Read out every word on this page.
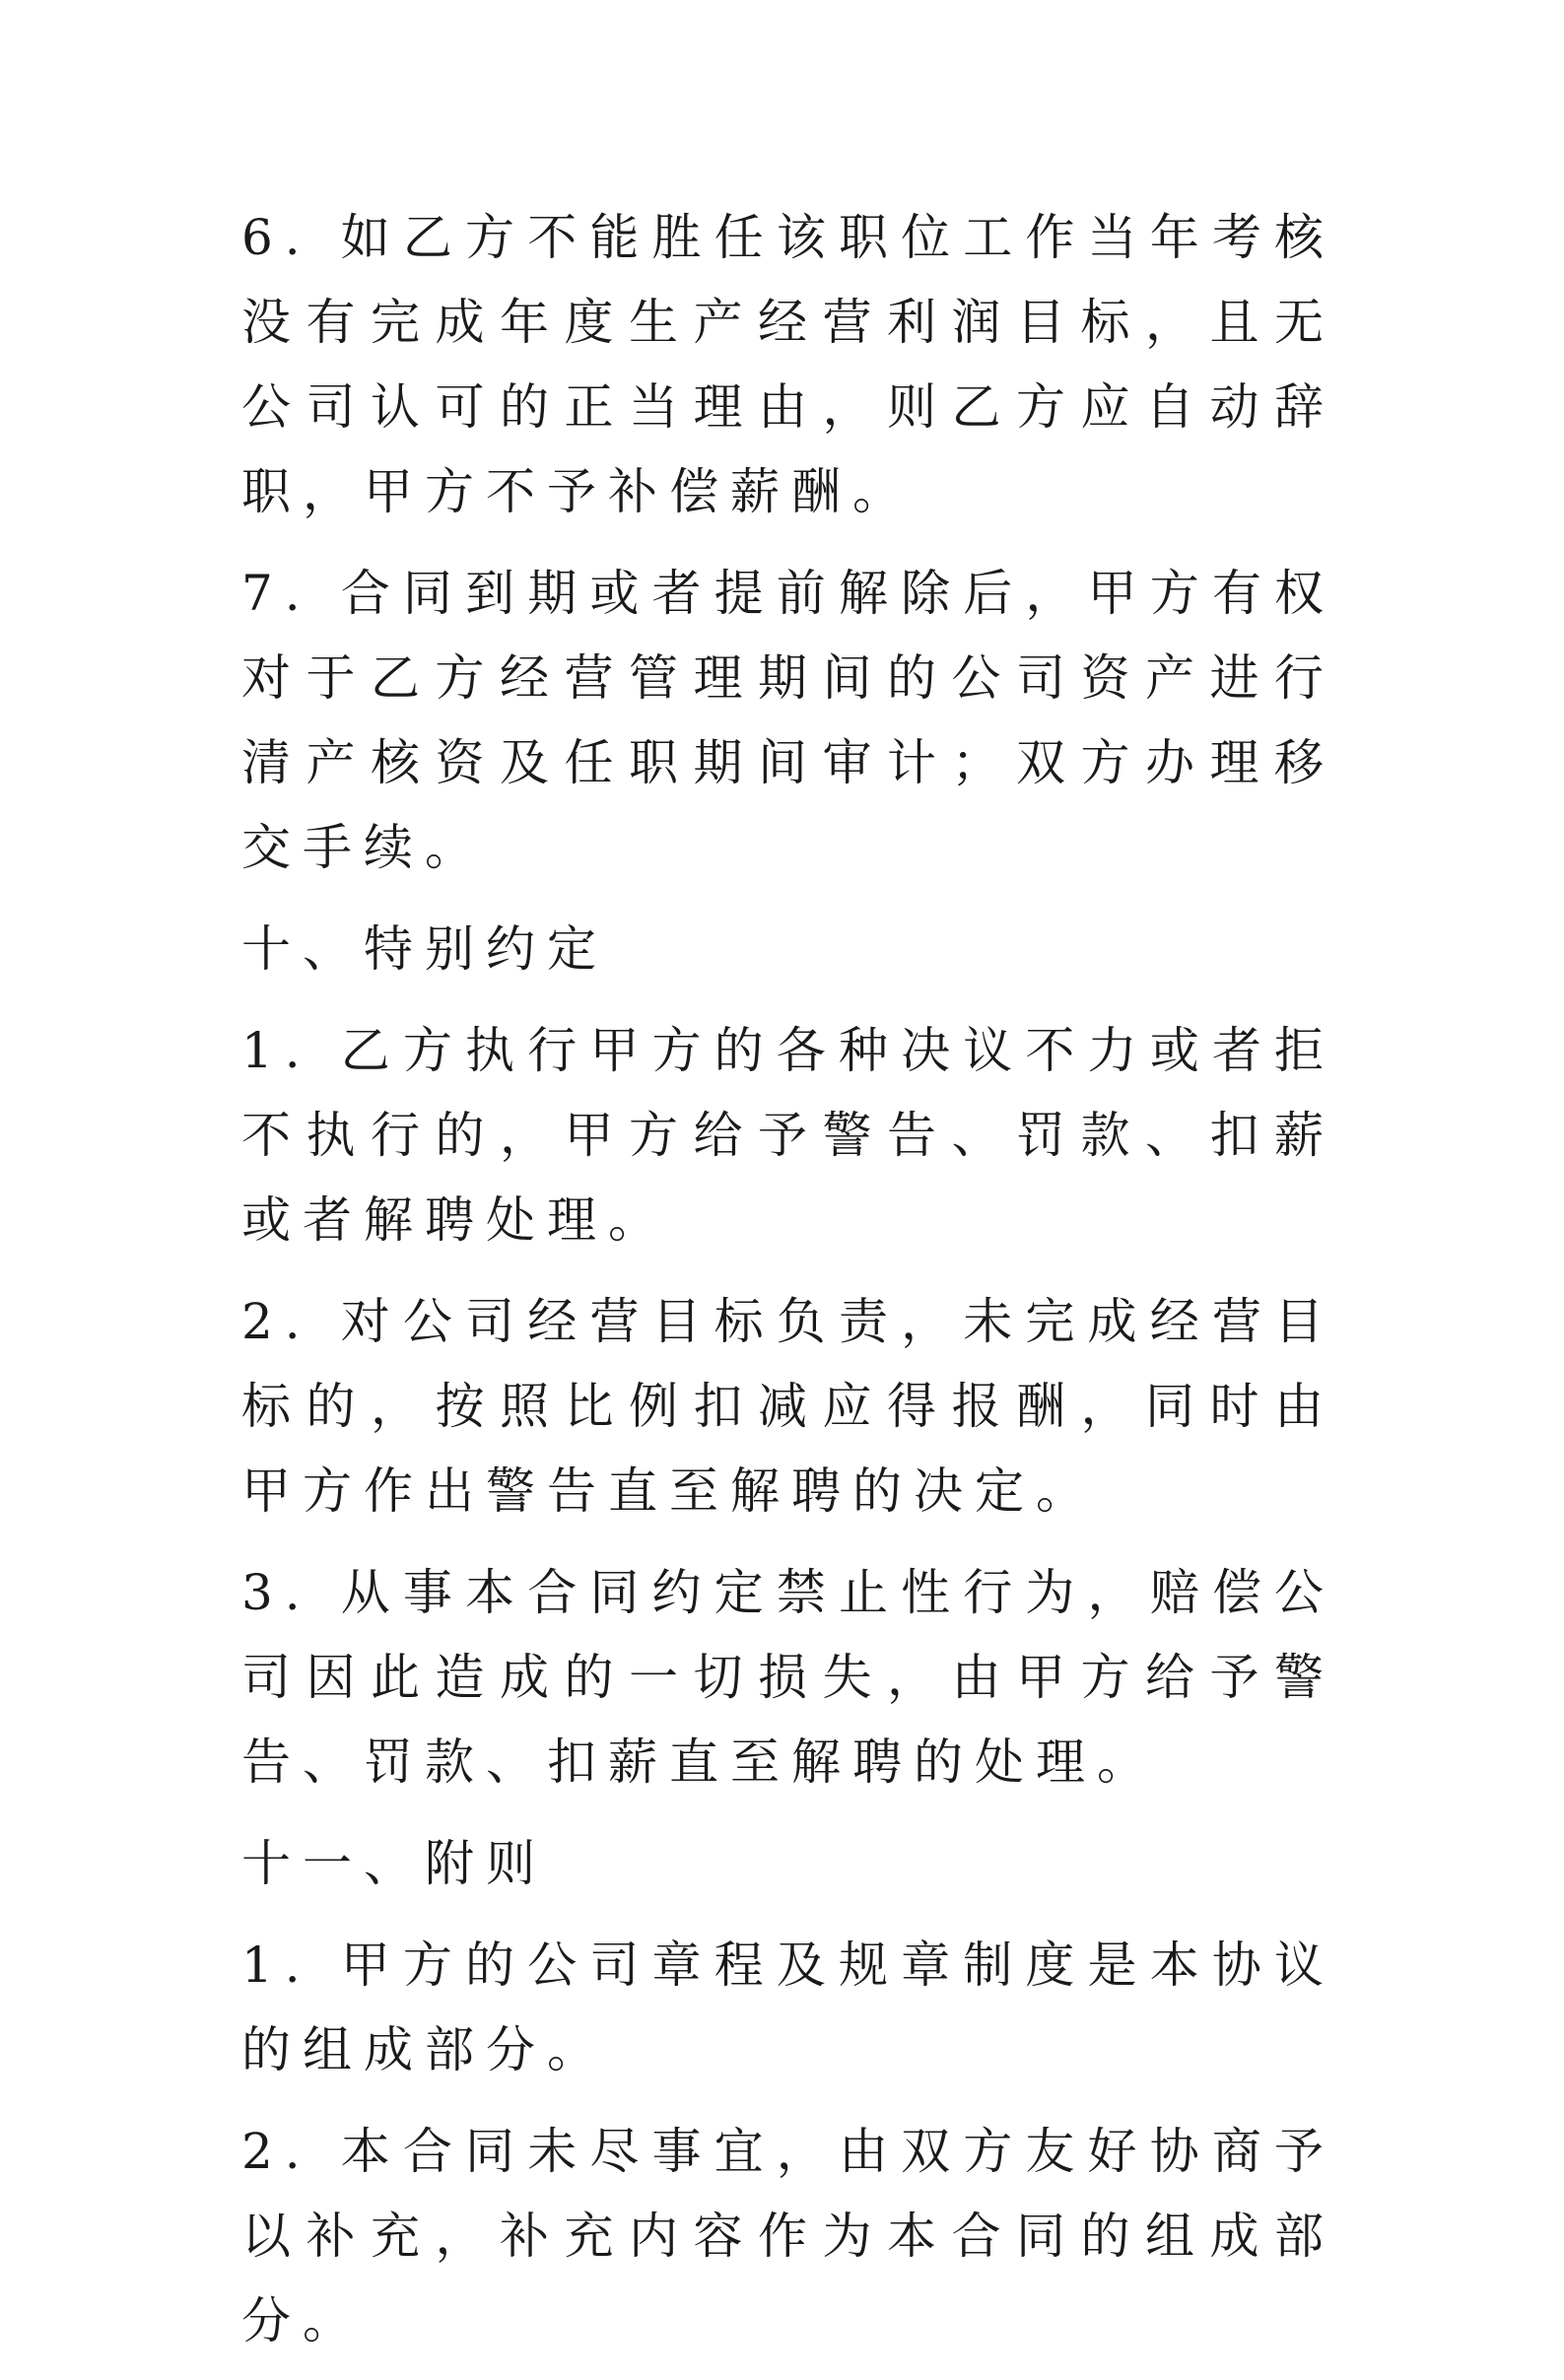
6. 如乙方不能胜任该职位工作当年考核没有完成年度生产经营利润目标，且无公司认可的正当理由，则乙方应自动辞职，甲方不予补偿薪酬。

7. 合同到期或者提前解除后，甲方有权对于乙方经营管理期间的公司资产进行清产核资及任职期间审计；双方办理移交手续。

十、特别约定

1. 乙方执行甲方的各种决议不力或者拒不执行的，甲方给予警告、罚款、扣薪或者解聘处理。

2. 对公司经营目标负责，未完成经营目标的，按照比例扣减应得报酬，同时由甲方作出警告直至解聘的决定。

3. 从事本合同约定禁止性行为，赔偿公司因此造成的一切损失，由甲方给予警告、罚款、扣薪直至解聘的处理。

十一、附则

1. 甲方的公司章程及规章制度是本协议的组成部分。

2. 本合同未尽事宜，由双方友好协商予以补充，补充内容作为本合同的组成部分。
